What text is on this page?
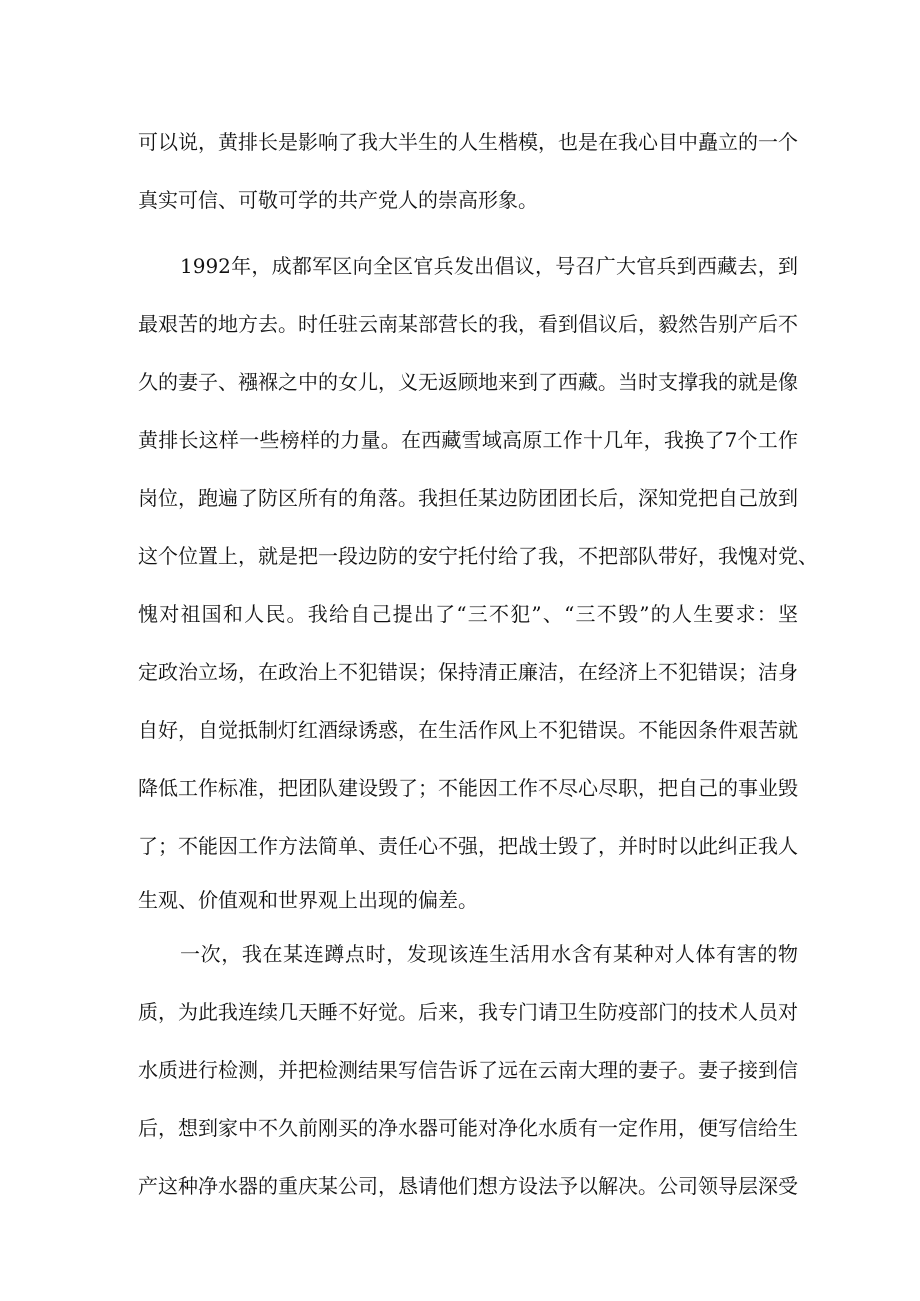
可以说，黄排长是影响了我大半生的人生楷模，也是在我心目中矗立的一个
真实可信、可敬可学的共产党人的崇高形象。
1992年，成都军区向全区官兵发出倡议，号召广大官兵到西藏去，到
最艰苦的地方去。时任驻云南某部营长的我，看到倡议后，毅然告别产后不
久的妻子、襁褓之中的女儿，义无返顾地来到了西藏。当时支撑我的就是像
黄排长这样一些榜样的力量。在西藏雪域高原工作十几年，我换了7个工作
岗位，跑遍了防区所有的角落。我担任某边防团团长后，深知党把自己放到
这个位置上，就是把一段边防的安宁托付给了我，不把部队带好，我愧对党、
愧对祖国和人民。我给自己提出了“三不犯”、“三不毁”的人生要求：坚
定政治立场，在政治上不犯错误；保持清正廉洁，在经济上不犯错误；洁身
自好，自觉抵制灯红酒绿诱惑，在生活作风上不犯错误。不能因条件艰苦就
降低工作标准，把团队建设毁了；不能因工作不尽心尽职，把自己的事业毁
了；不能因工作方法简单、责任心不强，把战士毁了，并时时以此纠正我人
生观、价值观和世界观上出现的偏差。
一次，我在某连蹲点时，发现该连生活用水含有某种对人体有害的物
质，为此我连续几天睡不好觉。后来，我专门请卫生防疫部门的技术人员对
水质进行检测，并把检测结果写信告诉了远在云南大理的妻子。妻子接到信
后，想到家中不久前刚买的净水器可能对净化水质有一定作用，便写信给生
产这种净水器的重庆某公司，恳请他们想方设法予以解决。公司领导层深受
